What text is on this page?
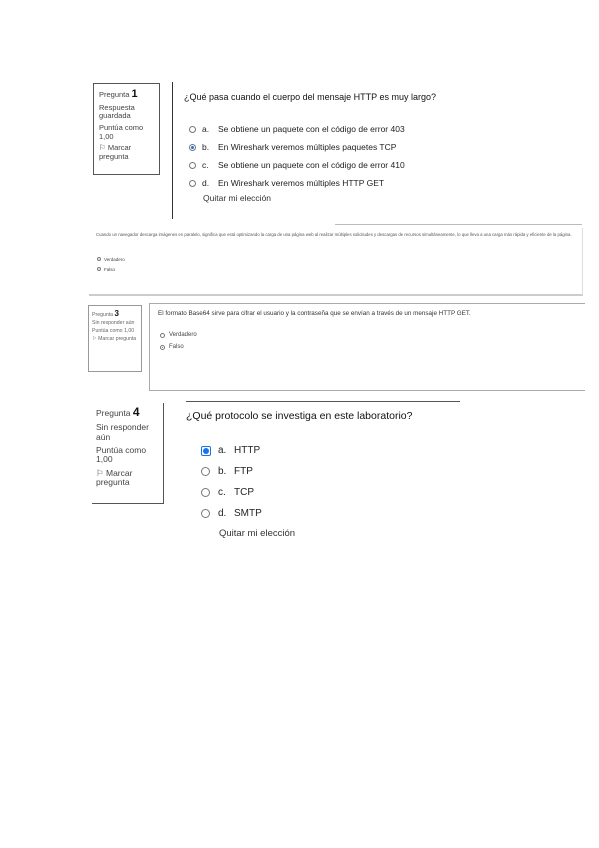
Pregunta 1
Respuesta guardada
Puntúa como 1,00
⚐ Marcar pregunta
¿Qué pasa cuando el cuerpo del mensaje HTTP es muy largo?
a.	Se obtiene un paquete con el código de error 403
b.	En Wireshark veremos múltiples paquetes TCP
c.	Se obtiene un paquete con el código de error 410
d.	En Wireshark veremos múltiples HTTP GET
Quitar mi elección
Cuando un navegador descarga imágenes en paralelo, significa que está optimizando la carga de una página web al realizar múltiples solicitudes y descargas de recursos simultáneamente, lo que lleva a una carga más rápida y eficiente de la página.
Verdadero
Falso
Pregunta 3
Sin responder aún
Puntúa como 1,00
⚐ Marcar pregunta
El formato Base64 sirve para cifrar el usuario y la contraseña que se envían a través de un mensaje HTTP GET.
Verdadero
Falso
Pregunta 4
Sin responder aún
Puntúa como 1,00
⚐ Marcar pregunta
¿Qué protocolo se investiga en este laboratorio?
a. HTTP
b. FTP
c. TCP
d. SMTP
Quitar mi elección
